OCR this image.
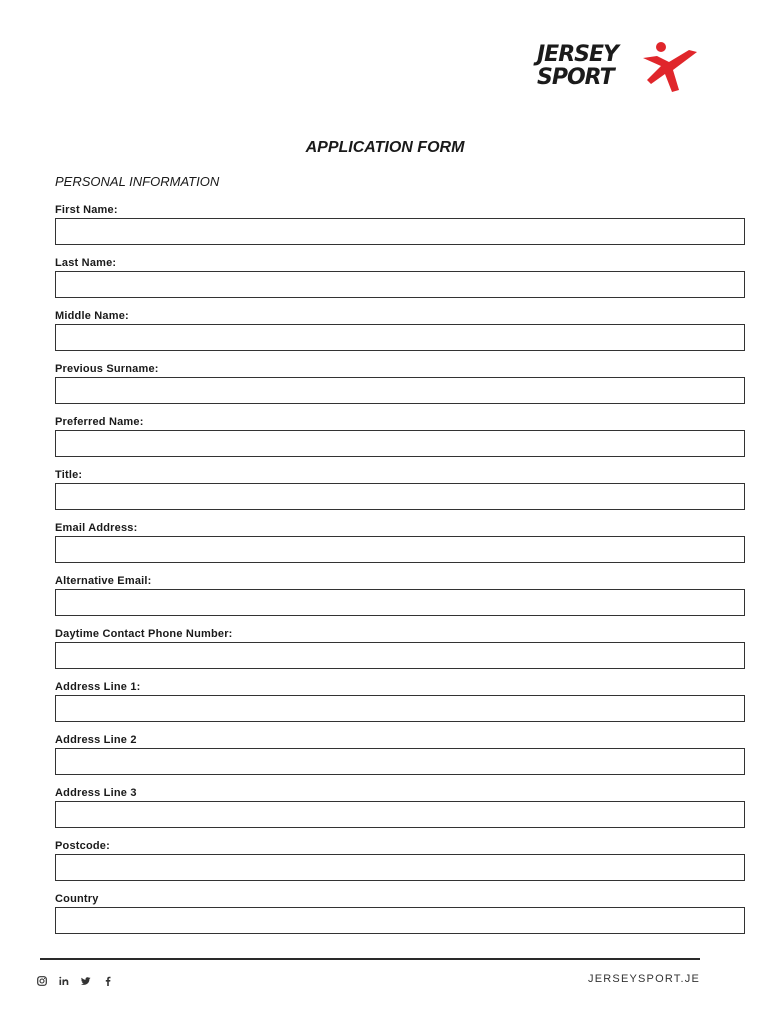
JERSEY
SPORT
APPLICATION FORM
PERSONAL INFORMATION
First Name:
Last Name:
Middle Name:
Previous Surname:
Preferred Name:
Title:
Email Address:
Alternative Email:
Daytime Contact Phone Number:
Address Line 1:
Address Line 2
Address Line 3
Postcode:
Country
JERSEYSPORT.JE
